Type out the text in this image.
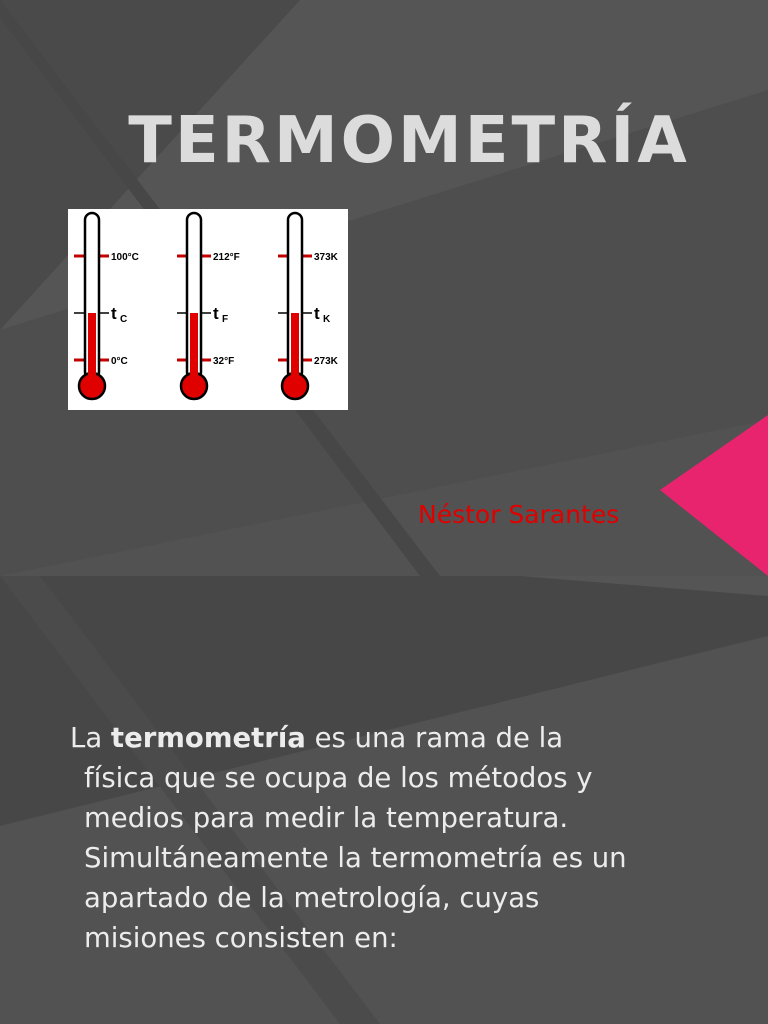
TERMOMETRÍA
100°C
t C
0°C
212°F
t F
32°F
373K
t K
273K
Néstor Sarantes
La termometría es una rama de la
física que se ocupa de los métodos y
medios para medir la temperatura.
Simultáneamente la termometría es un
apartado de la metrología, cuyas
misiones consisten en:
